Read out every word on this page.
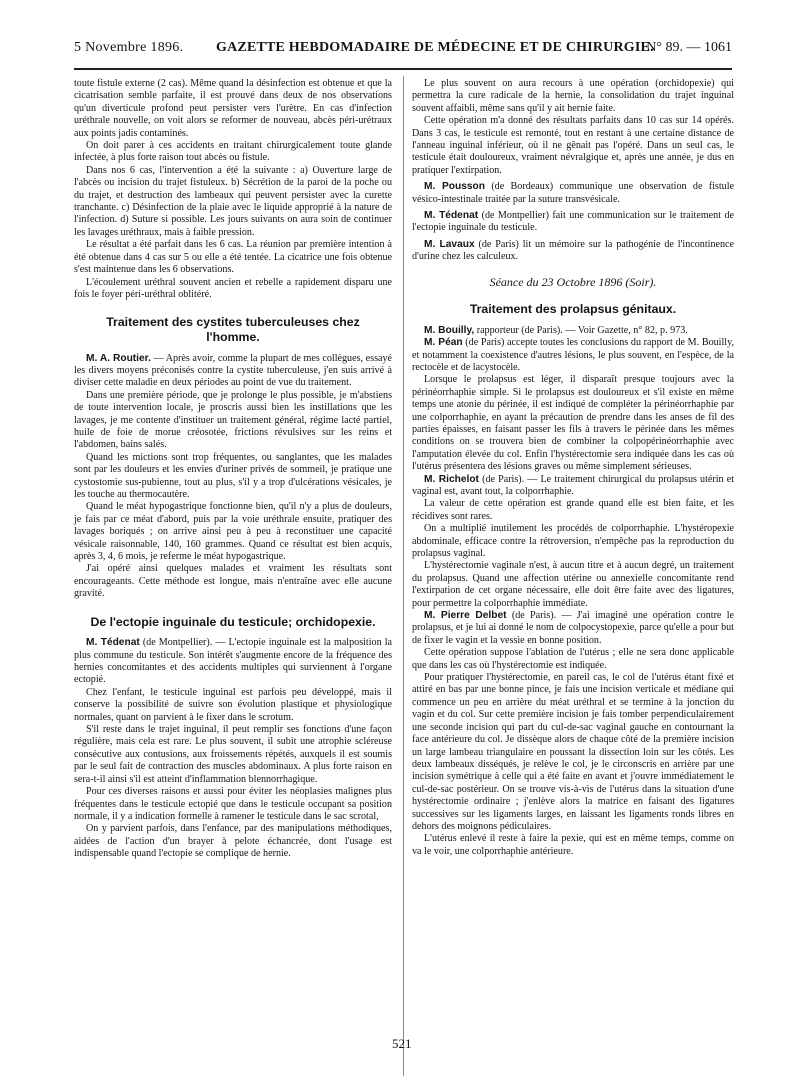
5 Novembre 1896. GAZETTE HEBDOMADAIRE DE MÉDECINE ET DE CHIRURGIE.
N° 89. — 1061

toute fistule externe (2 cas). Même quand la désinfection est obtenue et que la cicatrisation semble parfaite, il est prouvé dans deux de nos observations qu'un diverticule profond peut persister vers l'urètre. En cas d'infection uréthrale nouvelle, on voit alors se reformer de nouveau, abcès péri-urétraux aux points jadis contaminés.

On doit parer à ces accidents en traitant chirurgicalement toute glande infectée, à plus forte raison tout abcès ou fistule.

Dans nos 6 cas, l'intervention a été la suivante : a) Ouverture large de l'abcès ou incision du trajet fistuleux. b) Sécrétion de la paroi de la poche ou du trajet, et destruction des lambeaux qui peuvent persister avec la curette tranchante. c) Désinfection de la plaie avec le liquide approprié à la nature de l'infection. d) Suture si possible. Les jours suivants on aura soin de continuer les lavages uréthraux, mais à faible pression.

Le résultat a été parfait dans les 6 cas. La réunion par première intention à été obtenue dans 4 cas sur 5 ou elle a été tentée. La cicatrice une fois obtenue s'est maintenue dans les 6 observations.

L'écoulement uréthral souvent ancien et rebelle a rapidement disparu une fois le foyer péri-uréthral oblitéré.

Traitement des cystites tuberculeuses chez l'homme.

M. A. Routier. — Après avoir, comme la plupart de mes collègues, essayé les divers moyens préconisés contre la cystite tuberculeuse, j'en suis arrivé à diviser cette maladie en deux périodes au point de vue du traitement.

Dans une première période, que je prolonge le plus possible, je m'abstiens de toute intervention locale, je proscris aussi bien les instillations que les lavages, je me contente d'instituer un traitement général, régime lacté partiel, huile de foie de morue créosotée, frictions révulsives sur les reins et l'abdomen, bains salés.

Quand les mictions sont trop fréquentes, ou sanglantes, que les malades sont par les douleurs et les envies d'uriner privés de sommeil, je pratique une cystostomie sus-pubienne, tout au plus, s'il y a trop d'ulcérations vésicales, je les touche au thermocautère.

Quand le méat hypogastrique fonctionne bien, qu'il n'y a plus de douleurs, je fais par ce méat d'abord, puis par la voie uréthrale ensuite, pratiquer des lavages boriqués ; on arrive ainsi peu à peu à reconstituer une capacité vésicale raisonnable, 140, 160 grammes. Quand ce résultat est bien acquis, après 3, 4, 6 mois, je referme le méat hypogastrique.

J'ai opéré ainsi quelques malades et vraiment les résultats sont encourageants. Cette méthode est longue, mais n'entraîne avec elle aucune gravité.

De l'ectopie inguinale du testicule; orchidopexie.

M. Tédenat (de Montpellier). — L'ectopie inguinale est la malposition la plus commune du testicule. Son intérêt s'augmente encore de la fréquence des hernies concomitantes et des accidents multiples qui surviennent à l'organe ectopié.

Chez l'enfant, le testicule inguinal est parfois peu développé, mais il conserve la possibilité de suivre son évolution plastique et physiologique normales, quant on parvient à le fixer dans le scrotum.

S'il reste dans le trajet inguinal, il peut remplir ses fonctions d'une façon régulière, mais cela est rare. Le plus souvent, il subit une atrophie scléreuse consécutive aux contusions, aux froissements répétés, auxquels il est soumis par le seul fait de contraction des muscles abdominaux. A plus forte raison en sera-t-il ainsi s'il est atteint d'inflammation blennorrhagique.

Pour ces diverses raisons et aussi pour éviter les néoplasies malignes plus fréquentes dans le testicule ectopié que dans le testicule occupant sa position normale, il y a indication formelle à ramener le testicule dans le sac scrotal,

On y parvient parfois, dans l'enfance, par des manipulations méthodiques, aidées de l'action d'un brayer à pelote échancrée, dont l'usage est indispensable quand l'ectopie se complique de hernie.

Le plus souvent on aura recours à une opération (orchidopexie) qui permettra la cure radicale de la hernie, la consolidation du trajet inguinal souvent affaibli, même sans qu'il y ait hernie faite.

Cette opération m'a donné des résultats parfaits dans 10 cas sur 14 opérés. Dans 3 cas, le testicule est remonté, tout en restant à une certaine distance de l'anneau inguinal inférieur, où il ne gênait pas l'opéré. Dans un seul cas, le testicule était douloureux, vraiment névralgique et, après une année, je dus en pratiquer l'extirpation.

M. Pousson (de Bordeaux) communique une observation de fistule vésico-intestinale traitée par la suture transvésicale.

M. Tédenat (de Montpellier) fait une communication sur le traitement de l'ectopie inguinale du testicule.

M. Lavaux (de Paris) lit un mémoire sur la pathogénie de l'incontinence d'urine chez les calculeux.

Séance du 23 Octobre 1896 (Soir).
Traitement des prolapsus génitaux.

M. Bouilly, rapporteur (de Paris). — Voir Gazette, n° 82, p. 973.

M. Péan (de Paris) accepte toutes les conclusions du rapport de M. Bouilly, et notamment la coexistence d'autres lésions, le plus souvent, en l'espèce, de la rectocèle et de lacystocèle.

Lorsque le prolapsus est léger, il disparaît presque toujours avec la périnéorrhaphie simple. Si le prolapsus est douloureux et s'il existe en même temps une atonie du périnée, il est indiqué de compléter la périnéorrhaphie par une colporrhaphie, en ayant la précaution de prendre dans les anses de fil des parties épaisses, en faisant passer les fils à travers le périnée dans les mêmes conditions on se trouvera bien de combiner la colpopérinéorrhaphie avec l'amputation élevée du col. Enfin l'hystérectomie sera indiquée dans les cas où l'utérus présentera des lésions graves ou même simplement sérieuses.

M. Richelot (de Paris). — Le traitement chirurgical du prolapsus utérin et vaginal est, avant tout, la colporrhaphie.

La valeur de cette opération est grande quand elle est bien faite, et les récidives sont rares.

On a multiplié inutilement les procédés de colporrhaphie. L'hystéropexie abdominale, efficace contre la rétroversion, n'empêche pas la reproduction du prolapsus vaginal.

L'hystérectomie vaginale n'est, à aucun titre et à aucun degré, un traitement du prolapsus. Quand une affection utérine ou annexielle concomitante rend l'extirpation de cet organe nécessaire, elle doit être faite avec des ligatures, pour permettre la colporrhaphie immédiate.

M. Pierre Delbet (de Paris). — J'ai imaginé une opération contre le prolapsus, et je lui ai donné le nom de colpocystopexie, parce qu'elle a pour but de fixer le vagin et la vessie en bonne position.

Cette opération suppose l'ablation de l'utérus ; elle ne sera donc applicable que dans les cas où l'hystérectomie est indiquée.

Pour pratiquer l'hystérectomie, en pareil cas, le col de l'utérus étant fixé et attiré en bas par une bonne pince, je fais une incision verticale et médiane qui commence un peu en arrière du méat uréthral et se termine à la jonction du vagin et du col. Sur cette première incision je fais tomber perpendiculairement une seconde incision qui part du cul-de-sac vaginal gauche en contournant la face antérieure du col. Je dissèque alors de chaque côté de la première incision un large lambeau triangulaire en poussant la dissection loin sur les côtés. Les deux lambeaux disséqués, je relève le col, je le circonscris en arrière par une incision symétrique à celle qui a été faite en avant et j'ouvre immédiatement le cul-de-sac postérieur. On se trouve vis-à-vis de l'utérus dans la situation d'une hystérectomie ordinaire ; j'enlève alors la matrice en faisant des ligatures successives sur les ligaments larges, en laissant les ligaments ronds libres en dehors des moignons pédiculaires.

L'utérus enlevé il reste à faire la pexie, qui est en même temps, comme on va le voir, une colporrhaphie antérieure.

521
